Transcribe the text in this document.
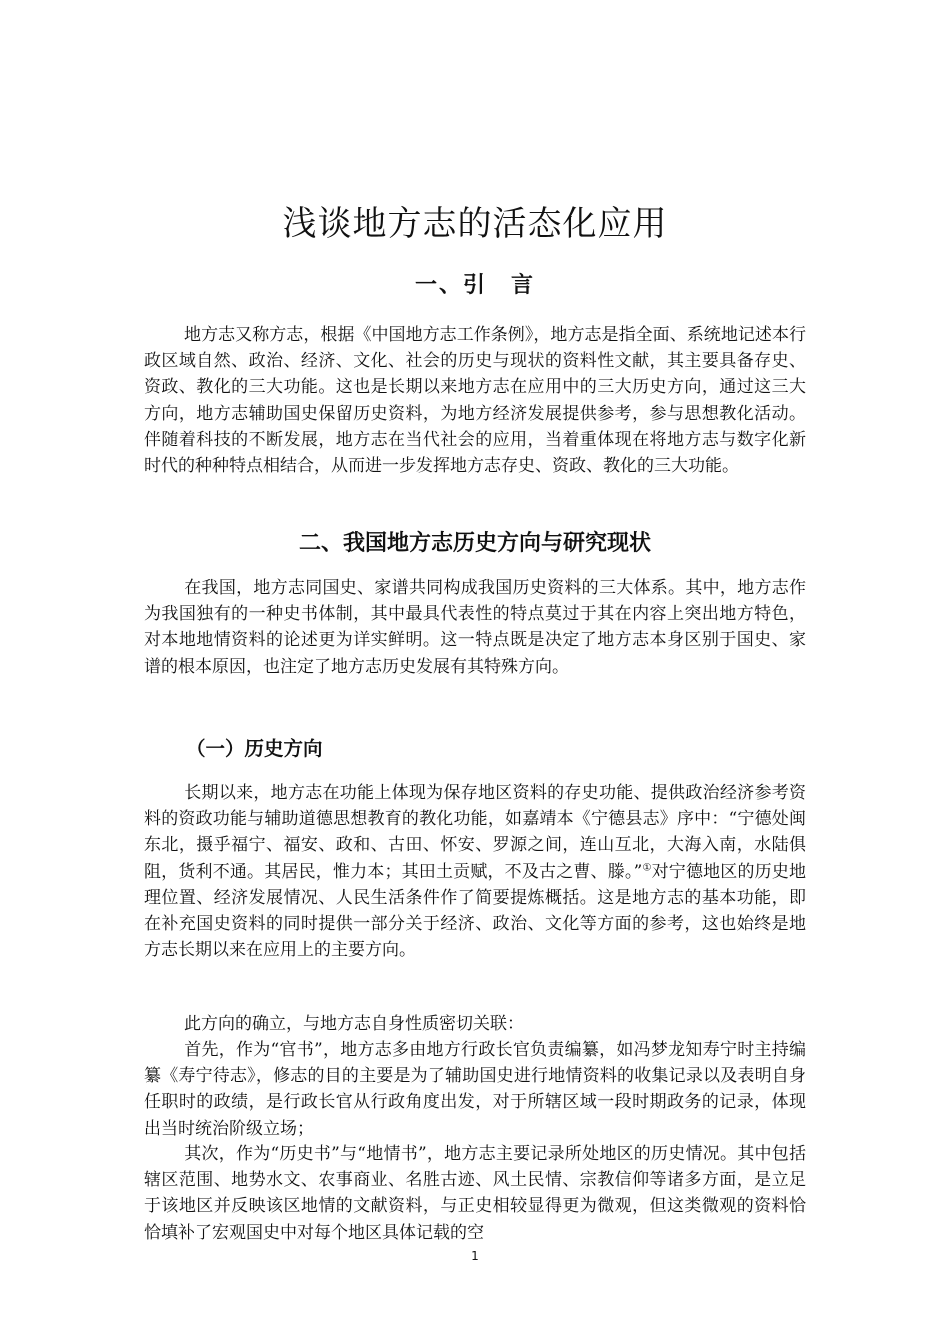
浅谈地方志的活态化应用
一、引　言

地方志又称方志，根据《中国地方志工作条例》，地方志是指全面、系统地记述本行政区域自然、政治、经济、文化、社会的历史与现状的资料性文献，其主要具备存史、资政、教化的三大功能。这也是长期以来地方志在应用中的三大历史方向，通过这三大方向，地方志辅助国史保留历史资料，为地方经济发展提供参考，参与思想教化活动。伴随着科技的不断发展，地方志在当代社会的应用，当着重体现在将地方志与数字化新时代的种种特点相结合，从而进一步发挥地方志存史、资政、教化的三大功能。

二、我国地方志历史方向与研究现状

在我国，地方志同国史、家谱共同构成我国历史资料的三大体系。其中，地方志作为我国独有的一种史书体制，其中最具代表性的特点莫过于其在内容上突出地方特色，对本地地情资料的论述更为详实鲜明。这一特点既是决定了地方志本身区别于国史、家谱的根本原因，也注定了地方志历史发展有其特殊方向。

（一）历史方向

长期以来，地方志在功能上体现为保存地区资料的存史功能、提供政治经济参考资料的资政功能与辅助道德思想教育的教化功能，如嘉靖本《宁德县志》序中：“宁德处闽东北，摄乎福宁、福安、政和、古田、怀安、罗源之间，连山互北，大海入南，水陆俱阻，货利不通。其居民，惟力本；其田土贡赋，不及古之曹、滕。”①对宁德地区的历史地理位置、经济发展情况、人民生活条件作了简要提炼概括。这是地方志的基本功能，即在补充国史资料的同时提供一部分关于经济、政治、文化等方面的参考，这也始终是地方志长期以来在应用上的主要方向。

此方向的确立，与地方志自身性质密切关联：

首先，作为“官书”，地方志多由地方行政长官负责编纂，如冯梦龙知寿宁时主持编纂《寿宁待志》，修志的目的主要是为了辅助国史进行地情资料的收集记录以及表明自身任职时的政绩，是行政长官从行政角度出发，对于所辖区域一段时期政务的记录，体现出当时统治阶级立场；

其次，作为“历史书”与“地情书”，地方志主要记录所处地区的历史情况。其中包括辖区范围、地势水文、农事商业、名胜古迹、风土民情、宗教信仰等诸多方面，是立足于该地区并反映该区地情的文献资料，与正史相较显得更为微观，但这类微观的资料恰恰填补了宏观国史中对每个地区具体记载的空

1
